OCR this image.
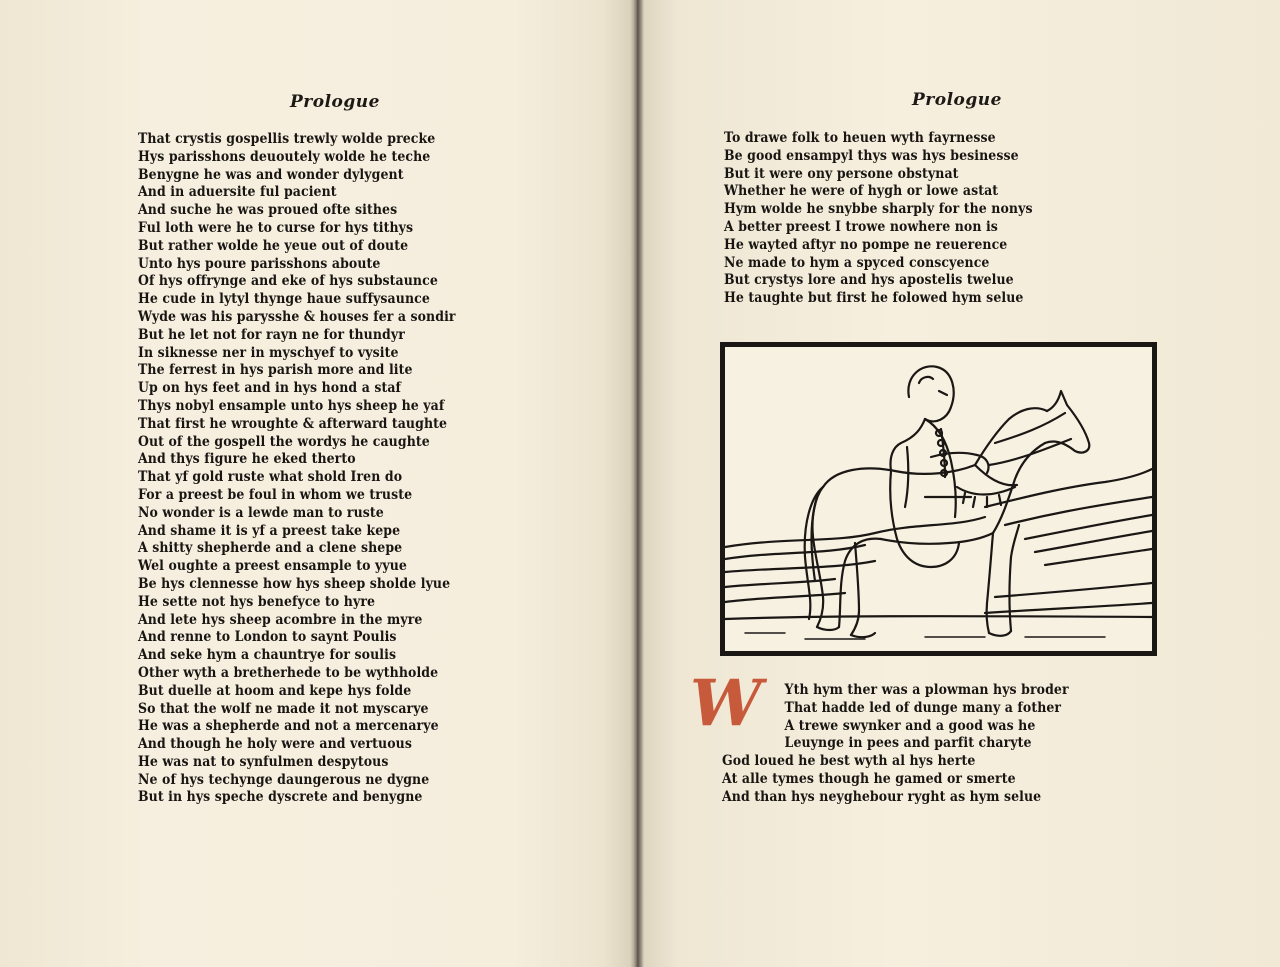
Prologue
That crystis gospellis trewly wolde precke
Hys parisshons deuoutely wolde he teche
Benygne he was and wonder dylygent
And in aduersite ful pacient
And suche he was proued ofte sithes
Ful loth were he to curse for hys tithys
But rather wolde he yeue out of doute
Unto hys poure parisshons aboute
Of hys offrynge and eke of hys substaunce
He cude in lytyl thynge haue suffysaunce
Wyde was his parysshe & houses fer a sondir
But he let not for rayn ne for thundyr
In siknesse ner in myschyef to vysite
The ferrest in hys parish more and lite
Up on hys feet and in hys hond a staf
Thys nobyl ensample unto hys sheep he yaf
That first he wroughte & afterward taughte
Out of the gospell the wordys he caughte
And thys figure he eked therto
That yf gold ruste what shold Iren do
For a preest be foul in whom we truste
No wonder is a lewde man to ruste
And shame it is yf a preest take kepe
A shitty shepherde and a clene shepe
Wel oughte a preest ensample to yyue
Be hys clennesse how hys sheep sholde lyue
He sette not hys benefyce to hyre
And lete hys sheep acombre in the myre
And renne to London to saynt Poulis
And seke hym a chauntrye for soulis
Other wyth a bretherhede to be wythholde
But duelle at hoom and kepe hys folde
So that the wolf ne made it not myscarye
He was a shepherde and not a mercenarye
And though he holy were and vertuous
He was nat to synfulmen despytous
Ne of hys techynge daungerous ne dygne
But in hys speche dyscrete and benygne
Prologue
To drawe folk to heuen wyth fayrnesse
Be good ensampyl thys was hys besinesse
But it were ony persone obstynat
Whether he were of hygh or lowe astat
Hym wolde he snybbe sharply for the nonys
A better preest I trowe nowhere non is
He wayted aftyr no pompe ne reuerence
Ne made to hym a spyced conscyence
But crystys lore and hys apostelis twelue
He taughte but first he folowed hym selue
W	Yth hym ther was a plowman hys broder
That hadde led of dunge many a fother
A trewe swynker and a good was he
Leuynge in pees and parfit charyte
God loued he best wyth al hys herte
At alle tymes though he gamed or smerte
And than hys neyghebour ryght as hym selue
